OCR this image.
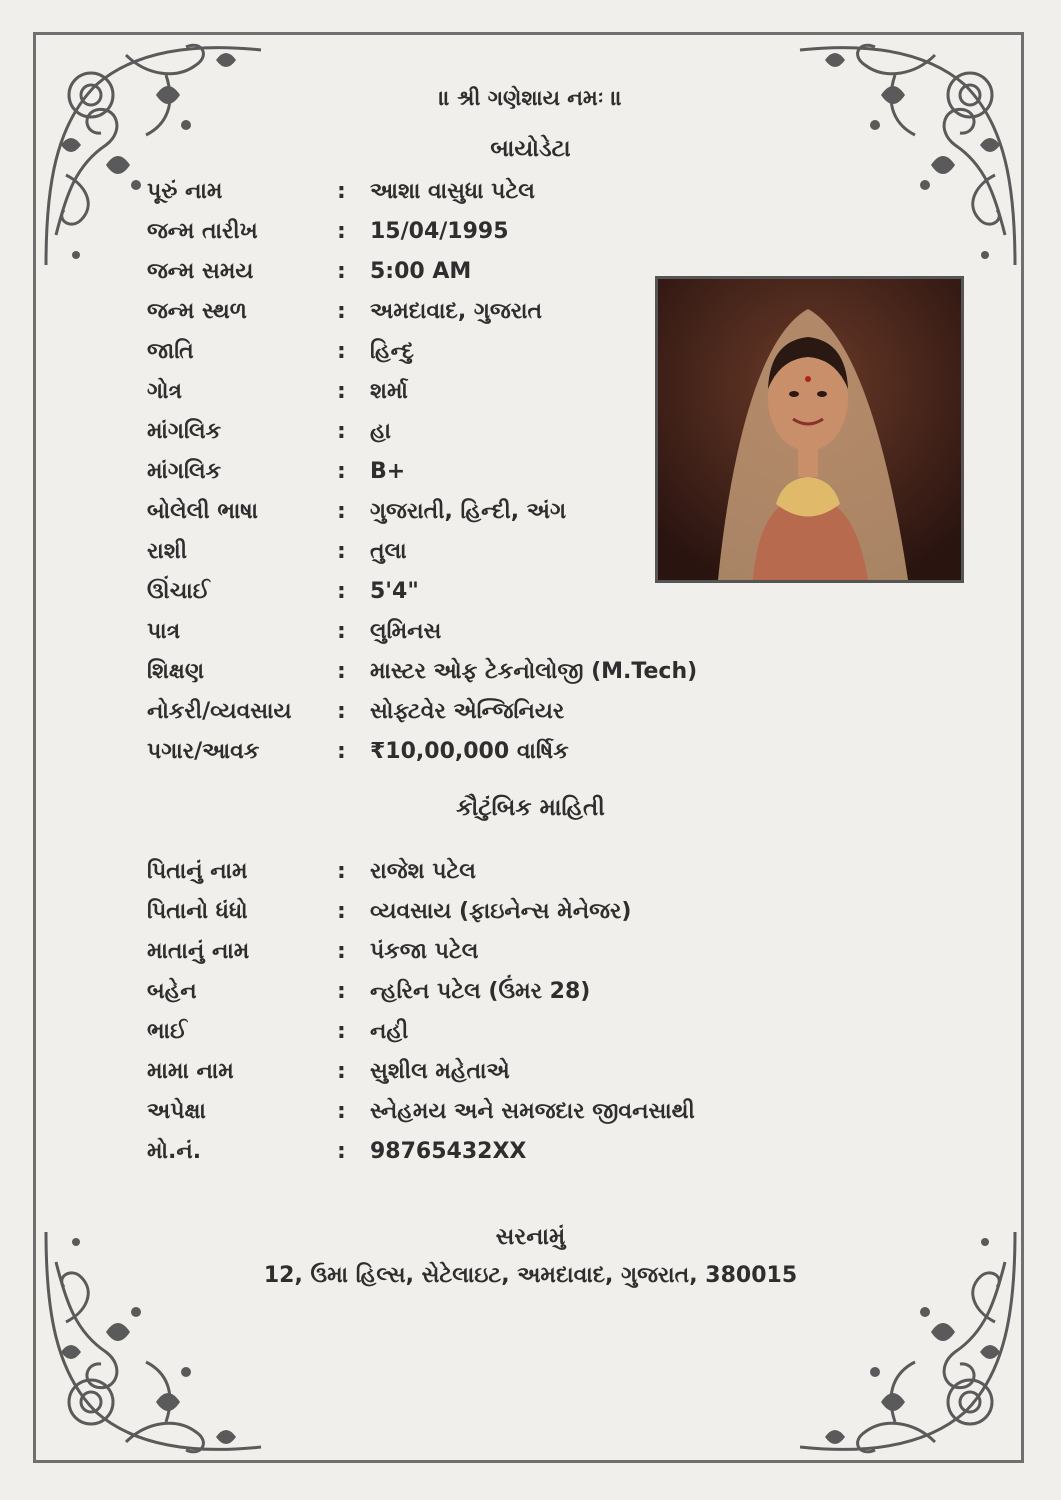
॥ શ્રી ગણેશાય નમઃ ॥
બાયોડેટા
પૂરું નામ	:	આશા વાસુધા પટેલ
જન્મ તારીખ	:	15/04/1995
જન્મ સમય	:	5:00 AM
જન્મ સ્થળ	:	અમદાવાદ, ગુજરાત
જાતિ	:	હિન્દુ
ગોત્ર	:	શર્મા
માંગલિક	:	હા
માંગલિક	:	B+
બોલેલી ભાષા	:	ગુજરાતી, હિન્દી, અંગ
રાશી	:	તુલા
ઊંચાઈ	:	5'4"
પાત્ર	:	લુમિનસ
શિક્ષણ	:	માસ્ટર ઓફ ટેકનોલોજી (M.Tech)
નોકરી/વ્યવસાય	:	સોફ્ટવેર એન્જિનિયર
પગાર/આવક	:	₹10,00,000 વાર્ષિક
કૌટુંબિક માહિતી
પિતાનું નામ	:	રાજેશ પટેલ
પિતાનો ધંધો	:	વ્યવસાય (ફાઇનેન્સ મેનેજર)
માતાનું નામ	:	પંકજા પટેલ
બહેન	:	ન્હરિન પટેલ (ઉંમર 28)
ભાઈ	:	નહી
મામા નામ	:	સુશીલ મહેતાએ
અપેક્ષા	:	સ્નેહમય અને સમજદાર જીવનસાથી
મો.નં.	:	98765432XX
સરનામું
12, ઉમા હિલ્સ, સેટેલાઇટ, અમદાવાદ, ગુજરાત, 380015
